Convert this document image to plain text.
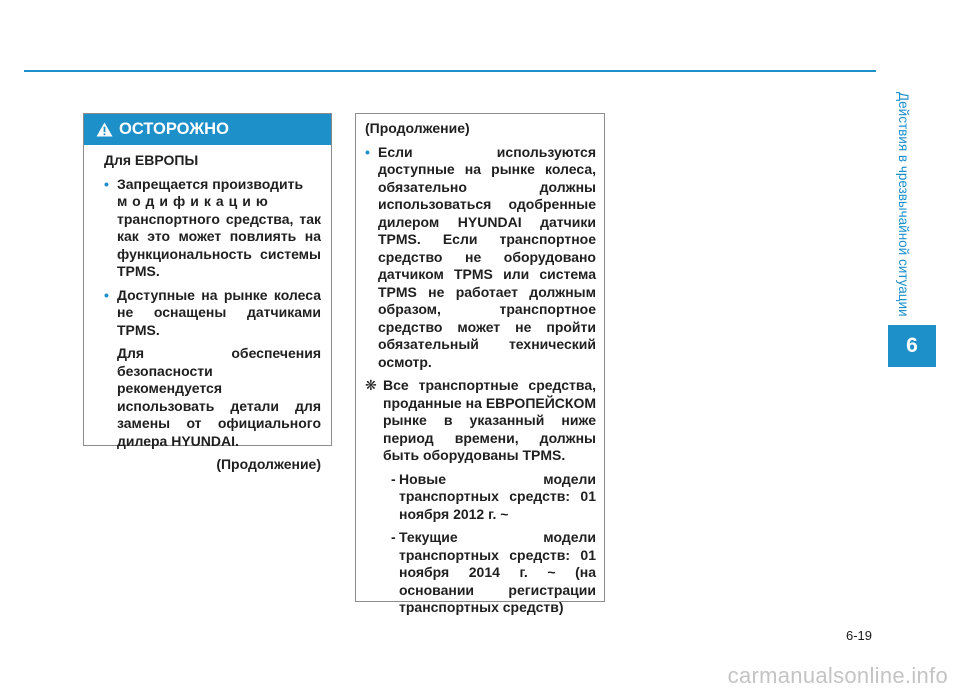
Действия в чрезвычайной ситуации
6
ОСТОРОЖНО

Для ЕВРОПЫ

• Запрещается производить

модификацию

транспортного средства, так как это может повлиять на функциональность системы TPMS.

• Доступные на рынке колеса не оснащены датчиками TPMS.

Для обеспечения безопасности рекомендуется использовать детали для замены от официального дилера HYUNDAI.

(Продолжение)

(Продолжение)

• Если используются доступные на рынке колеса, обязательно должны использоваться одобренные дилером HYUNDAI датчики TPMS. Если транспортное средство не оборудовано датчиком TPMS или система TPMS не работает должным образом, транспортное средство может не пройти обязательный технический осмотр.

❋ Все транспортные средства, проданные на ЕВРОПЕЙСКОМ рынке в указанный ниже период времени, должны быть оборудованы TPMS.

- Новые модели транспортных средств: 01 ноября 2012 г. ~

- Текущие модели транспортных средств: 01 ноября 2014 г. ~ (на основании регистрации транспортных средств)

6-19
carmanualsonline.info
